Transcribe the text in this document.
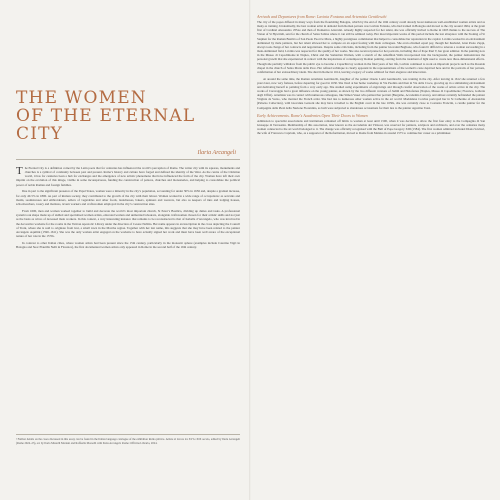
THE WOMEN
OF THE ETERNAL CITY
Ilaria Arcangeli

The Eternal City is a definition coined by the Latin poets that for centuries has influenced the world’s perception of Rome. The writer city with its squares, monuments and churches is a symbol of continuity between past and present. Rome’s history and culture have forged and defined the identity of the West. As the centre of the Christian world, it has for centuries been a hub for exchanges and the emergence of new artistic phenomena that have influenced the form of the city. Women have left their own imprint on the evolution of this image, visible in some inconspicuous, funding the construction of palaces, churches and monasteries, and helping to consolidate the political power of noble Roman and foreign families.

Due in part to the significant presence of the Papal States, women were a minority in the city’s population, accounting for under 30% in 1656 and, despite a gradual increase, for only 40-5% in 1800. As part of Roman society, they contributed to the growth of the city with their labour. Women worked in a wide range of occupations: as servants and maids, seamstresses and embroiderers, sellers of vegetables and other foods, laundresses, bakers, spinners and weavers, but also as keepers of inns and lodging houses, schoolteachers, rosary and mattress, tavern workers and craftswomen employed in the city’s construction sites.

From 1600, men and women worked together to build and decorate the world’s most important church, St Peter’s Basilica, dividing up duties and tasks. A professional system took shape made up of skilled and specialised women artists, educated women and unmarried labourers, alongside craftswomen chosen for their artistic skills and not just as the basis as wives of deceased male workers. In this context, a very interesting instance that remains to be reconstructed is that of Isabella d’Arcangelo, who was involved in the decorative worksite for the rooms in the Vatican Apostolic Library under the direction of Cesare Nebbia. Her name appears in an inscription in the cross depicting the Council of Trent, where she is said to originate from Jesi, a small town in the Marche region. Together with her last name, this suggests that she may have been related to the painter Arcangelo Aquilini (1590–1611). She was the only woman artist engaged on the worksite to have actually signed her work and must have been well aware of the exceptional nature of her role in the 1570s.

In contrast to other Italian cities, where women artists had been present since the 15th century, particularly in the monastic sphere (examples include Caterina Vigri in Bologna and Suor Plautilla Nelli in Florence), the first documented women artists only appeared in Rome in the second half of the 16th century.

¹ Further details on the cases discussed in this essay can be found in the Italian language catalogue of the exhibition Roma pittrice. Artiste al lavoro tra XVI e XIX secolo, edited by Ilaria Arcangeli (Rome 2024–25), ed. by Ilaria Miarelli Mariani and Raffaella Morselli with Ilaria Arcangeli. Rome: Officina Libraria, 2024.

Arrivals and Departures from Rome: Lavinia Fontana and Artemisia Gentileschi

The city of the popes differed in many ways from the flourishing Bologna, which by the end of the 16th century could already boast numerous well-established women artists and as many as training. Undoubtedly, the best woman artist in demand from Roman patrons was Lavinia Fontana, who had trained in Bologna and moved to the city around 1604, at the grant first of Cardinal Alessandro d’Este and then of Domenico Attavanti. Already highly respected for her talent, she was officially invited to Rome in 1603 thanks to the success of The Vision of St Hyacinth, sent for the church of Santa Sabina where it can still be admired today. Her most important works of this period include the lost altarpiece with the Stoning of St Stephen for the Roman Basilica of San Paolo Fuori le Mura, a highly prestigious commission that helped to consolidate her reputation in the capital. Lavinia worked in an environment dominated by male painters, but her talent allowed her to compete on an equal footing with male colleagues. She even obtained equal pay, though her husband, Gian Paolo Zappi, always took charge of her contracts and negotiations. Despite some criticisms, including from the painter Giovanni Baglione, who found it difficult to tolerate a woman succeeding in a male-dominated field, Lavinia was respected for the quality of her works. She also received praise for her portraits, including that of Pope Paul V, her great admirer. In the painting now in the Museo di Capodimonte in Naples, Christ and the Samaritan Woman, with a stretch of the Amalfitan Walls incorporated into the background, the painter demonstrates the personal growth that she experienced in contact with the inspirations of contemporary Roman painting, starting from the treatment of light used to create new three-dimensional effects. Though she partially withdrew from the public eye to become a Capuchin lay woman in the final years of her life, Lavinia continued to work on important projects such as the Rosaide chapel in the church of Santa Maria della Pace. Her refined technique is clearly apparent in the representations of the women’s caste depicted here and in the portraits of her patrons, confirmation of her extraordinary talent. She died in Rome in 1614, leaving a legacy of works admired for their elegance and innovation.

At around the same time, the Roman Artemisia Gentileschi, daughter of the painter Orazio Lomi Gentileschi, was training in the city. After leaving in 1612 she returned a few years later, now very famous, before departing for good in 1630. She lived at her home workshop in Via Paolina and then in Via della Croce, growing up in a stimulating environment and dedicating herself to painting from a very early age. She studied using experiments of engravings and through careful observation of the works of artists active in the city. The works of Caravaggio had a great influence on the young painter, as shown by the two different versions of Judith and Holofernes (Naples, Museo di Capodimonte; Florence, Galleria degli Uffizi). Artemisia was in contact with numerous colleagues, like Simon Vouet who painted her portrait (Bergamo, Accademia Carrara), and almost certainly befriended the painter Virginia da Vezzo, who married the French artist. She had ties to numerous other women active in the art world: Maddalena Corvina portrayed her in St Catherine of Alexandria (Palazzo Collection), with Giovanna Garzoni she may have travelled to the English court in the late 1630s, she was certainly close to Costanza Francini, a candle painter for the Compagnia della Pietà della Nazione Fiorentina, as both were subjected to slanderous accusations for their ties to the painter Agostino Tassi.

Early Achievements. Rome’s Academies Open Their Doors to Women

Admission to specialist associations and institutions remained off limits to women at least until 1590, when it was decided to allow the first four entry to the Compagnia di San Giuseppe di Terrasanta. Membership of this association, later known as the Accademia dei Virtuosi, was reserved for painters, sculptors and architects, and over the centuries many women connected to the art world belonged to it. The change was officially recognised with the Bull of Pope Gregory XIII (1584). The first women admitted included Diana Scultori, the wife of Francesco Capriani, who, as a supporter of the Reformation, moved to Rome from Mantua in around 1575 to continue her career as a printmaker.
